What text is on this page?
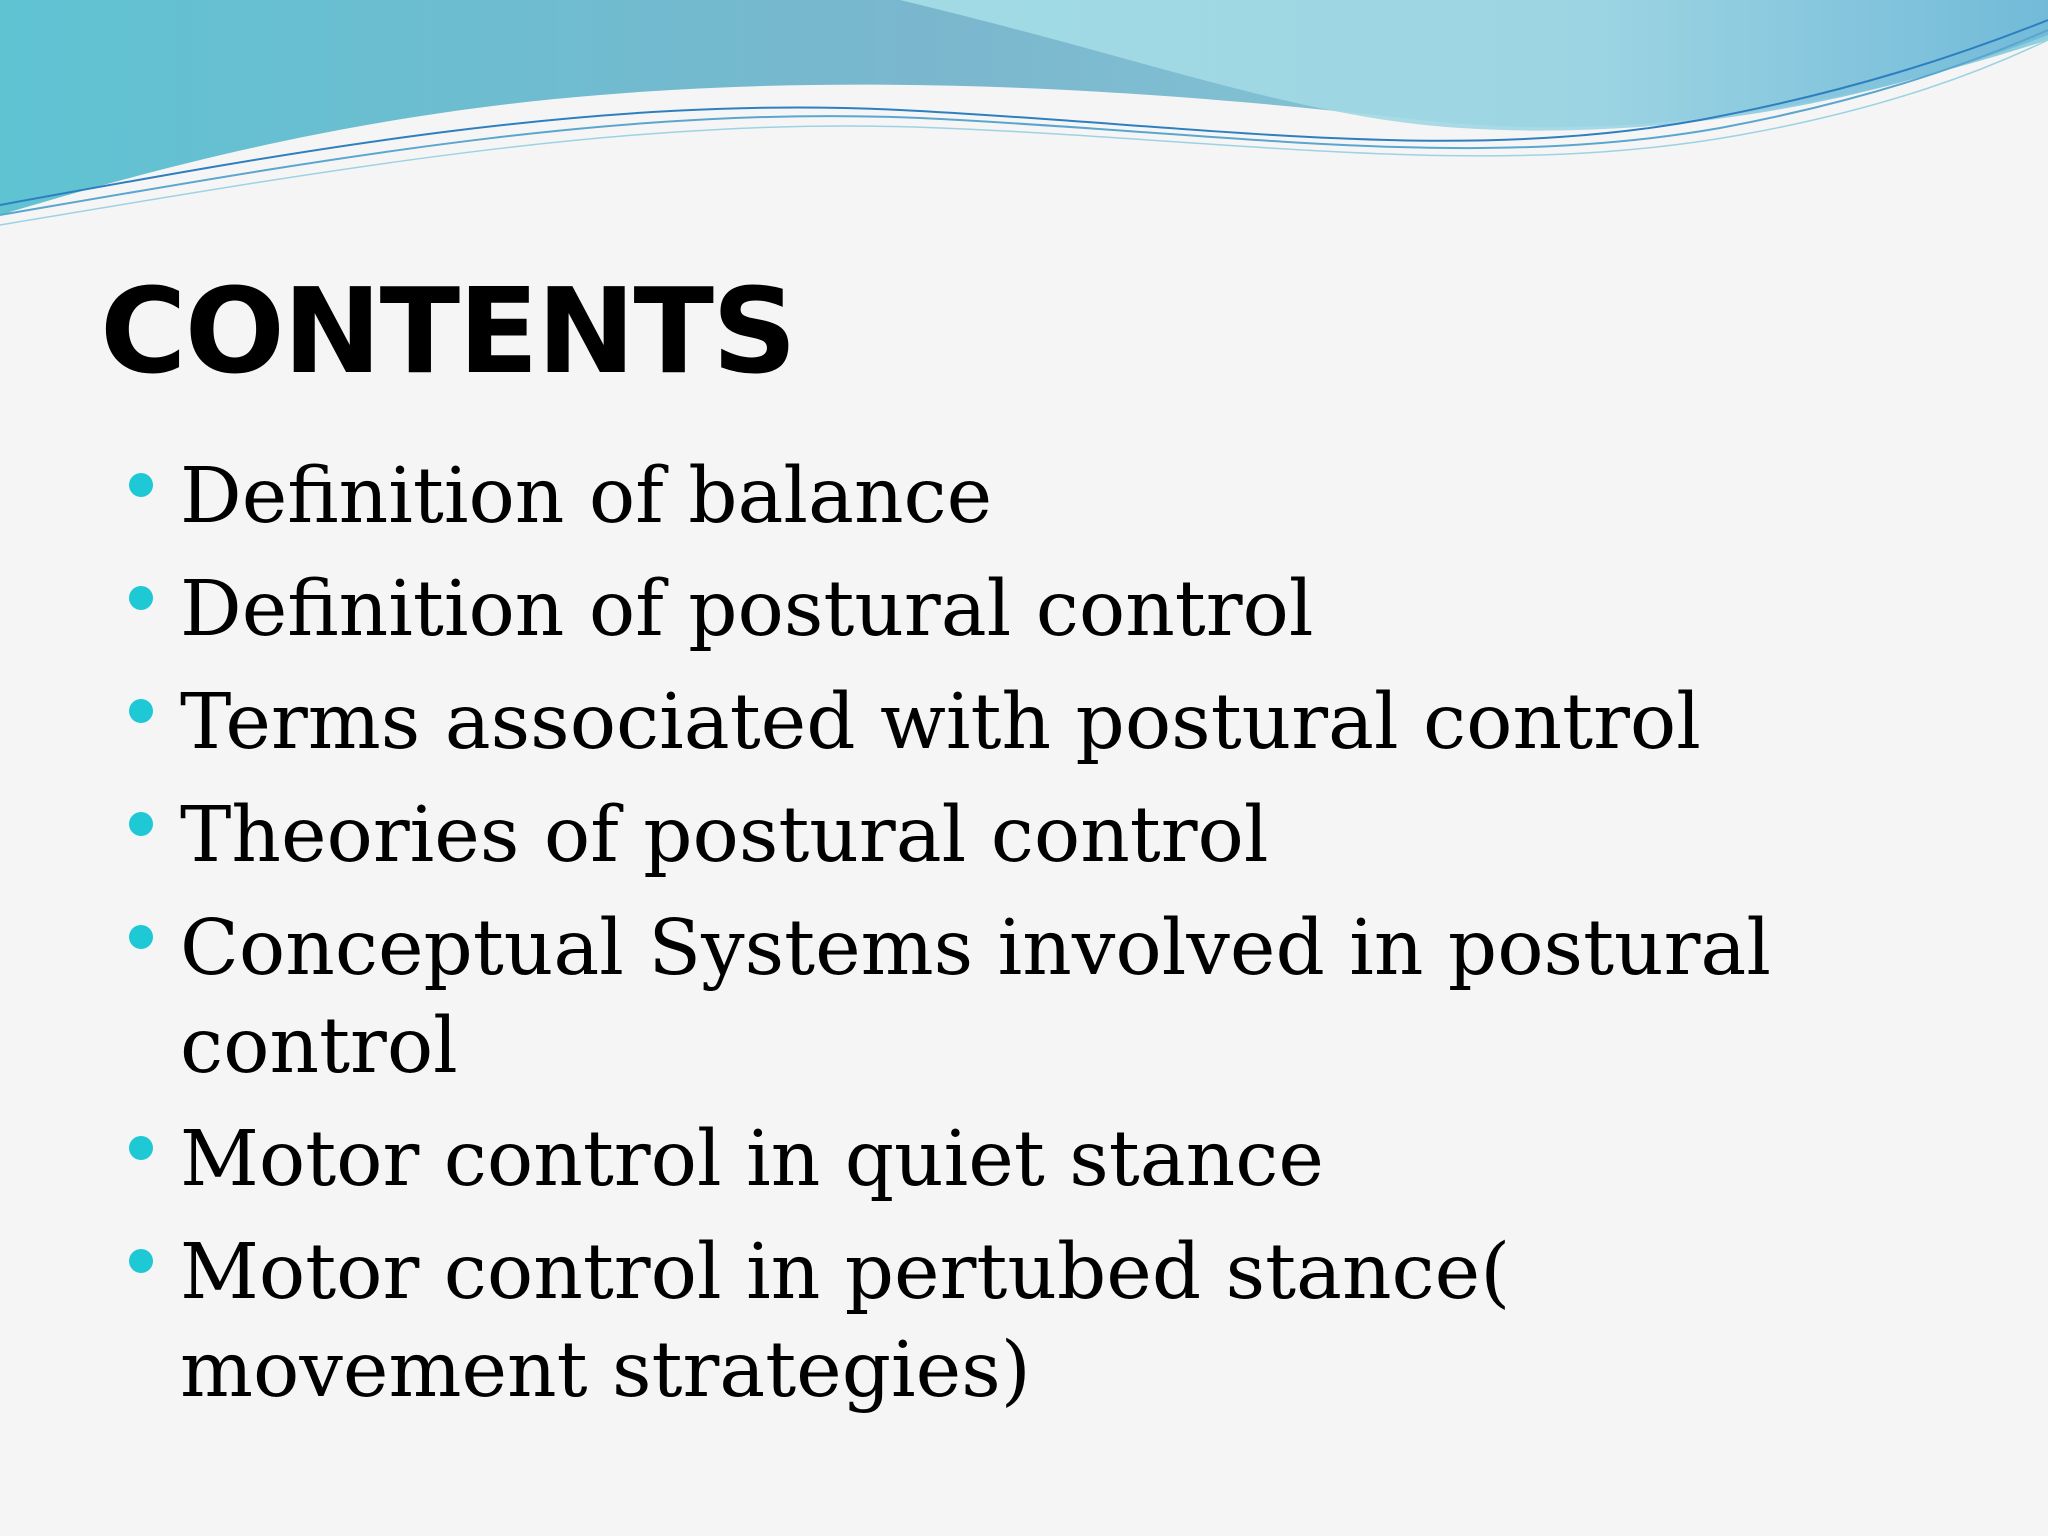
CONTENTS
Definition of balance
Definition of postural control
Terms associated with postural control
Theories of postural control
Conceptual Systems involved in postural control
Motor control in quiet stance
Motor control in pertubed stance( movement strategies)
